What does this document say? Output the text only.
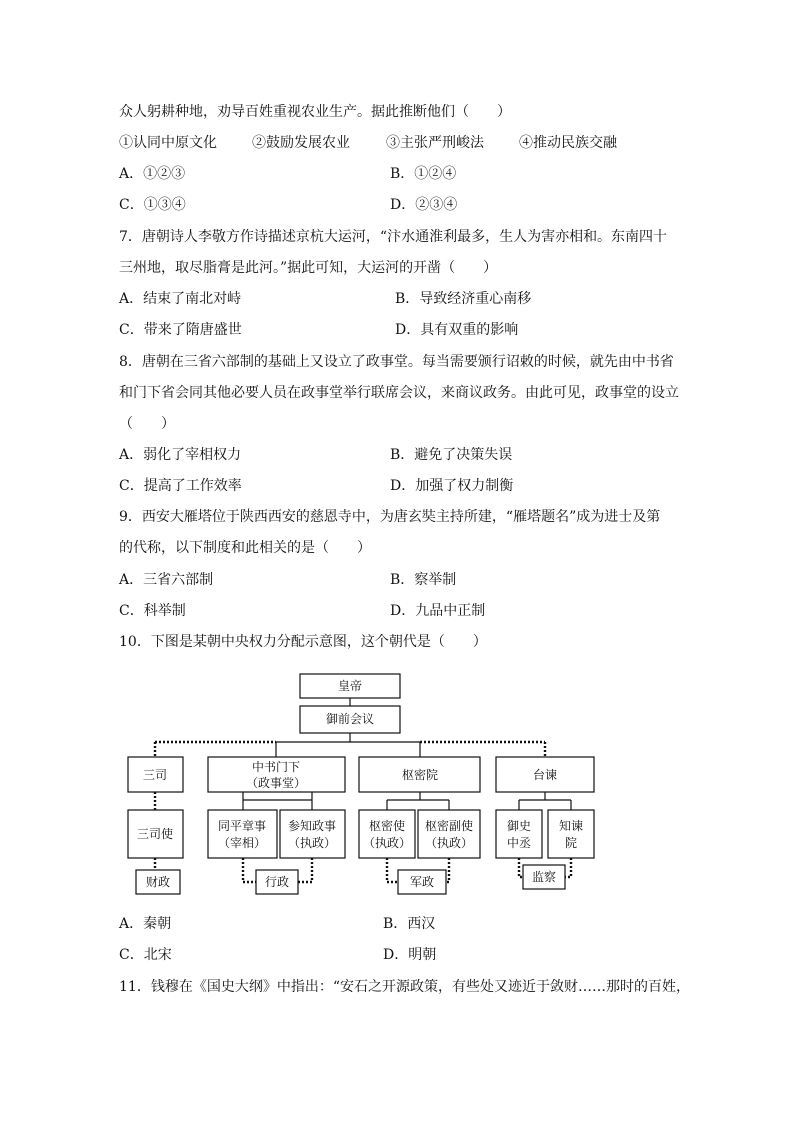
众人躬耕种地，劝导百姓重视农业生产。据此推断他们（　　）
①认同中原文化	②鼓励发展农业	③主张严刑峻法	④推动民族交融
A．①②③	B．①②④
C．①③④	D．②③④
7．唐朝诗人李敬方作诗描述京杭大运河，“汴水通淮利最多，生人为害亦相和。东南四十
三州地，取尽脂膏是此河。”据此可知，大运河的开凿（　　）
A．结束了南北对峙	B．导致经济重心南移
C．带来了隋唐盛世	D．具有双重的影响
8．唐朝在三省六部制的基础上又设立了政事堂。每当需要颁行诏敕的时候，就先由中书省
和门下省会同其他必要人员在政事堂举行联席会议，来商议政务。由此可见，政事堂的设立
（　　）
A．弱化了宰相权力	B．避免了决策失误
C．提高了工作效率	D．加强了权力制衡
9．西安大雁塔位于陕西西安的慈恩寺中，为唐玄奘主持所建，“雁塔题名”成为进士及第
的代称，以下制度和此相关的是（　　）
A．三省六部制	B．察举制
C．科举制	D．九品中正制
10．下图是某朝中央权力分配示意图，这个朝代是（　　）
皇帝
御前会议
三司
中书门下
（政事堂）
枢密院	台谏
三司使
同平章事
（宰相）
参知政事
（执政）
枢密使
（执政）
枢密副使
（执政）
御史
中丞
知谏
院
财政	行政	军政	监察
A．秦朝	B．西汉
C．北宋	D．明朝
11．钱穆在《国史大纲》中指出：“安石之开源政策，有些处又迹近于敛财……那时的百姓，
